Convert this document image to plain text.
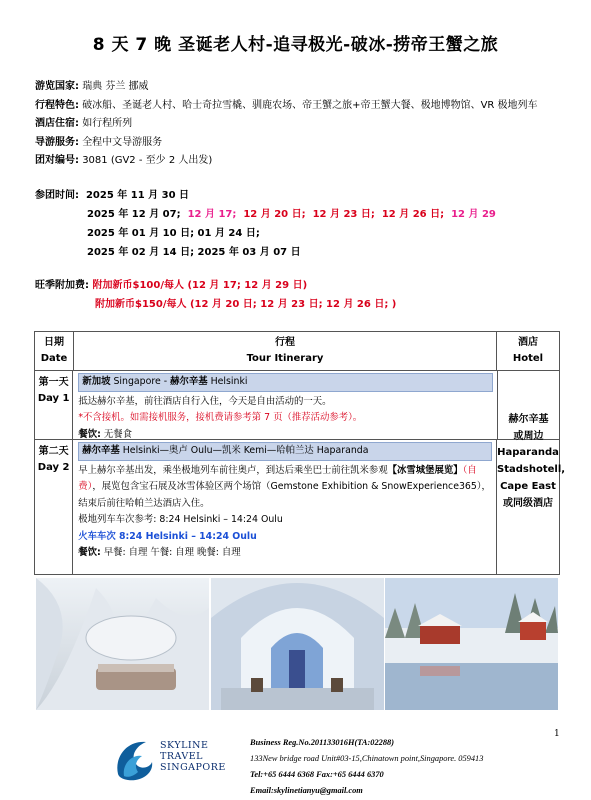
8 天 7 晚 圣诞老人村-追寻极光-破冰-捞帝王蟹之旅
游览国家: 瑞典 芬兰 挪威
行程特色: 破冰船、圣诞老人村、哈士奇拉雪橇、驯鹿农场、帝王蟹之旅+帝王蟹大餐、极地博物馆、VR 极地列车
酒店住宿: 如行程所列
导游服务: 全程中文导游服务
团对编号: 3081 (GV2 - 至少 2 人出发)
参团时间: 2025 年 11 月 30 日
2025 年 12 月 07; 12 月 17; 12 月 20 日; 12 月 23 日; 12 月 26 日; 12 月 29
2025 年 01 月 10 日; 01 月 24 日;
2025 年 02 月 14 日; 2025 年 03 月 07 日
旺季附加费: 附加新币$100/每人 (12 月 17; 12 月 29 日)
附加新币$150/每人 (12 月 20 日; 12 月 23 日; 12 月 26 日; )
日期
Date
行程
Tour Itinerary
酒店
Hotel
第一天
Day 1
新加坡 Singapore - 赫尔辛基 Helsinki
抵达赫尔辛基，前往酒店自行入住，今天是自由活动的一天。
*不含接机。如需接机服务，接机费请参考第 7 页（推荐活动参考）。
餐饮: 无餐食
赫尔辛基
或周边
第二天
Day 2
赫尔辛基 Helsinki—奥卢 Oulu—凯米 Kemi—哈帕兰达 Haparanda
早上赫尔辛基出发，乘坐极地列车前往奥卢，到达后乘坐巴士前往凯米参观【冰雪城堡展览】（自费），展览包含宝石展及冰雪体验区两个场馆（Gemstone Exhibition & SnowExperience365），结束后前往哈帕兰达酒店入住。
极地列车车次参考: 8:24 Helsinki – 14:24 Oulu
火车车次 8:24 Helsinki – 14:24 Oulu
餐饮: 早餐: 自理 午餐: 自理 晚餐: 自理
Haparanda
Stadshotell,
Cape East
或同级酒店
1
SKYLINE
TRAVEL
SINGAPORE
Business Reg.No.201133016H(TA:02288)
133New bridge road Unit#03-15,Chinatown point,Singapore. 059413
Tel:+65 6444 6368 Fax:+65 6444 6370
Email:skylinetianyu@gmail.com
